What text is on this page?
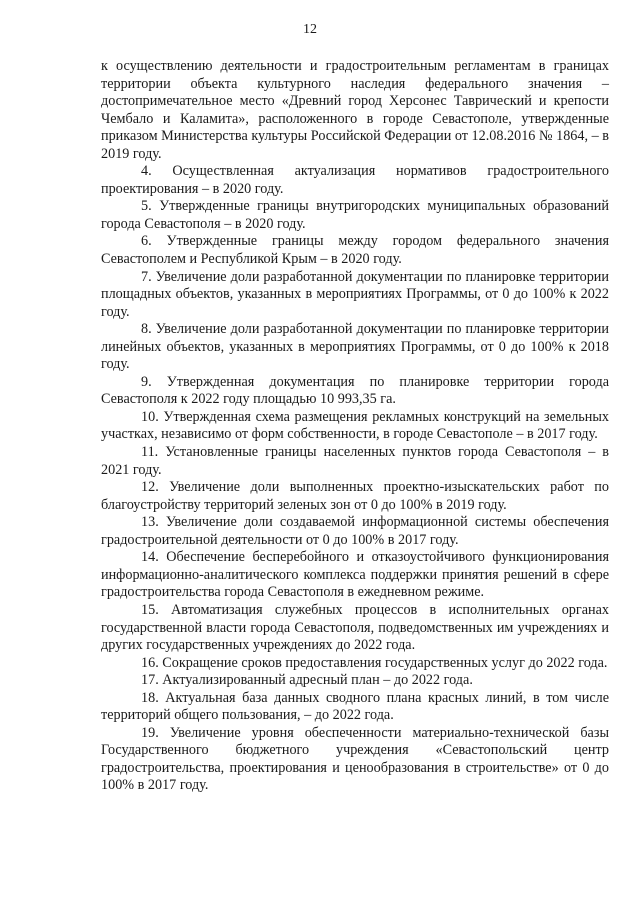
12

к осуществлению деятельности и градостроительным регламентам в границах территории объекта культурного наследия федерального значения – достопримечательное место «Древний город Херсонес Таврический и крепости Чембало и Каламита», расположенного в городе Севастополе, утвержденные приказом Министерства культуры Российской Федерации от 12.08.2016 № 1864, – в 2019 году.

4. Осуществленная актуализация нормативов градостроительного проектирования – в 2020 году.

5. Утвержденные границы внутригородских муниципальных образований города Севастополя – в 2020 году.

6. Утвержденные границы между городом федерального значения Севастополем и Республикой Крым – в 2020 году.

7. Увеличение доли разработанной документации по планировке территории площадных объектов, указанных в мероприятиях Программы, от 0 до 100% к 2022 году.

8. Увеличение доли разработанной документации по планировке территории линейных объектов, указанных в мероприятиях Программы, от 0 до 100% к 2018 году.

9. Утвержденная документация по планировке территории города Севастополя к 2022 году площадью 10 993,35 га.

10. Утвержденная схема размещения рекламных конструкций на земельных участках, независимо от форм собственности, в городе Севастополе – в 2017 году.

11. Установленные границы населенных пунктов города Севастополя – в 2021 году.

12. Увеличение доли выполненных проектно-изыскательских работ по благоустройству территорий зеленых зон от 0 до 100% в 2019 году.

13. Увеличение доли создаваемой информационной системы обеспечения градостроительной деятельности от 0 до 100% в 2017 году.

14. Обеспечение бесперебойного и отказоустойчивого функционирования информационно-аналитического комплекса поддержки принятия решений в сфере градостроительства города Севастополя в ежедневном режиме.

15. Автоматизация служебных процессов в исполнительных органах государственной власти города Севастополя, подведомственных им учреждениях и других государственных учреждениях до 2022 года.

16. Сокращение сроков предоставления государственных услуг до 2022 года.

17. Актуализированный адресный план – до 2022 года.

18. Актуальная база данных сводного плана красных линий, в том числе территорий общего пользования, – до 2022 года.

19. Увеличение уровня обеспеченности материально-технической базы Государственного бюджетного учреждения «Севастопольский центр градостроительства, проектирования и ценообразования в строительстве» от 0 до 100% в 2017 году.
